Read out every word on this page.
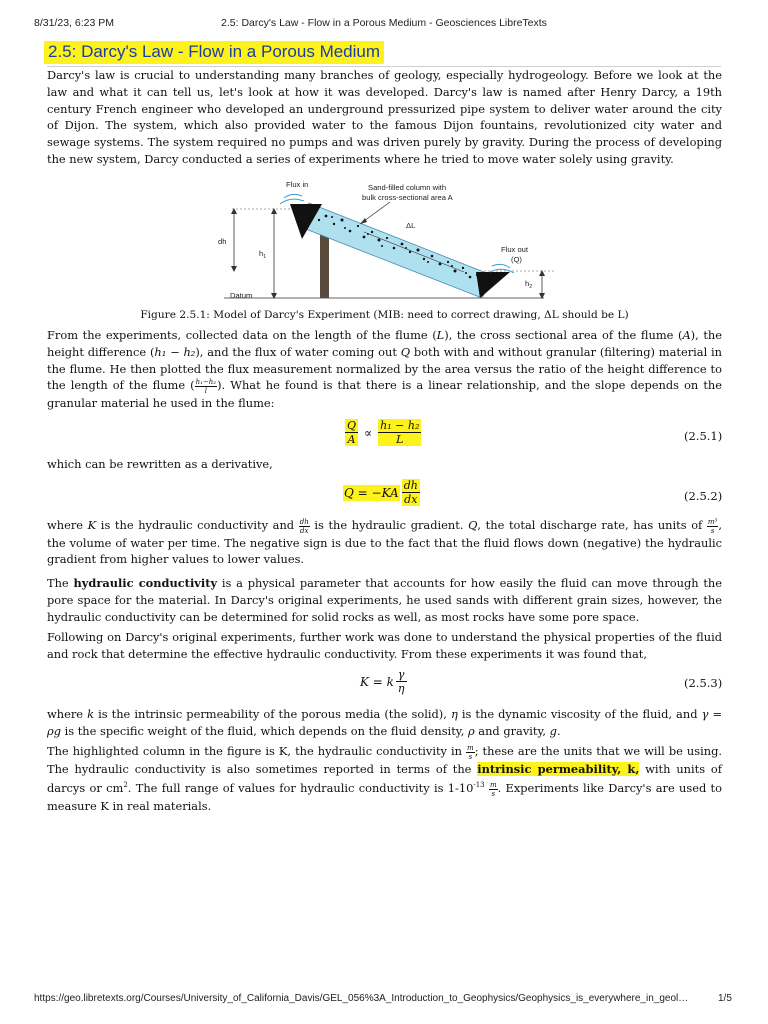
8/31/23, 6:23 PM	2.5: Darcy's Law - Flow in a Porous Medium - Geosciences LibreTexts
2.5: Darcy's Law - Flow in a Porous Medium

Darcy's law is crucial to understanding many branches of geology, especially hydrogeology. Before we look at the law and what it can tell us, let's look at how it was developed. Darcy's law is named after Henry Darcy, a 19th century French engineer who developed an underground pressurized pipe system to deliver water around the city of Dijon. The system, which also provided water to the famous Dijon fountains, revolutionized city water and sewage systems. The system required no pumps and was driven purely by gravity. During the process of developing the new system, Darcy conducted a series of experiments where he tried to move water solely using gravity.

Flux in	Sand-filled column with
bulk cross-sectional area A
ΔL
dh
$h_1$
Flux out
(Q)
$h_2$
Datum
Figure 2.5.1: Model of Darcy's Experiment (MIB: need to correct drawing, ΔL should be L)

From the experiments, collected data on the length of the flume (L), the cross sectional area of the flume (A), the height difference (h₁ − h₂), and the flux of water coming out Q both with and without granular (filtering) material in the flume. He then plotted the flux measurement normalized by the area versus the ratio of the height difference to the length of the flume ( $\frac{\text{h₁−h₂}}{l}$ ). What he found is that there is a linear relationship, and the slope depends on the granular material he used in the flume:

$\frac{Q}{A} \propto \frac{\text{h₁ − h₂}}{L}$	(2.5.1)

which can be rewritten as a derivative,

$Q = -KA \frac{dh}{dx}$	(2.5.2)

where K is the hydraulic conductivity and $\frac{dh}{dx}$ is the hydraulic gradient. Q, the total discharge rate, has units of $\frac{\text{m³}}{s}$ , the volume of water per time. The negative sign is due to the fact that the fluid flows down (negative) the hydraulic gradient from higher values to lower values.

The hydraulic conductivity is a physical parameter that accounts for how easily the fluid can move through the pore space for the material. In Darcy's original experiments, he used sands with different grain sizes, however, the hydraulic conductivity can be determined for solid rocks as well, as most rocks have some pore space.

Following on Darcy's original experiments, further work was done to understand the physical properties of the fluid and rock that determine the effective hydraulic conductivity. From these experiments it was found that,

K = k $\frac{\gamma}{\eta}$	(2.5.3)

where k is the intrinsic permeability of the porous media (the solid), η is the dynamic viscosity of the fluid, and γ = ρg is the specific weight of the fluid, which depends on the fluid density, ρ and gravity, g.

The highlighted column in the figure is K, the hydraulic conductivity in $\frac{m}{s}$ ; these are the units that we will be using. The hydraulic conductivity is also sometimes reported in terms of the intrinsic permeability, k, with units of darcys or $cm^2$. The full range of values for hydraulic conductivity is $1-10^{-13} \frac{m}{s}$ . Experiments like Darcy's are used to measure K in real materials.

https://geo.libretexts.org/Courses/University_of_California_Davis/GEL_056%3A_Introduction_to_Geophysics/Geophysics_is_everywhere_in_geol…	1/5
